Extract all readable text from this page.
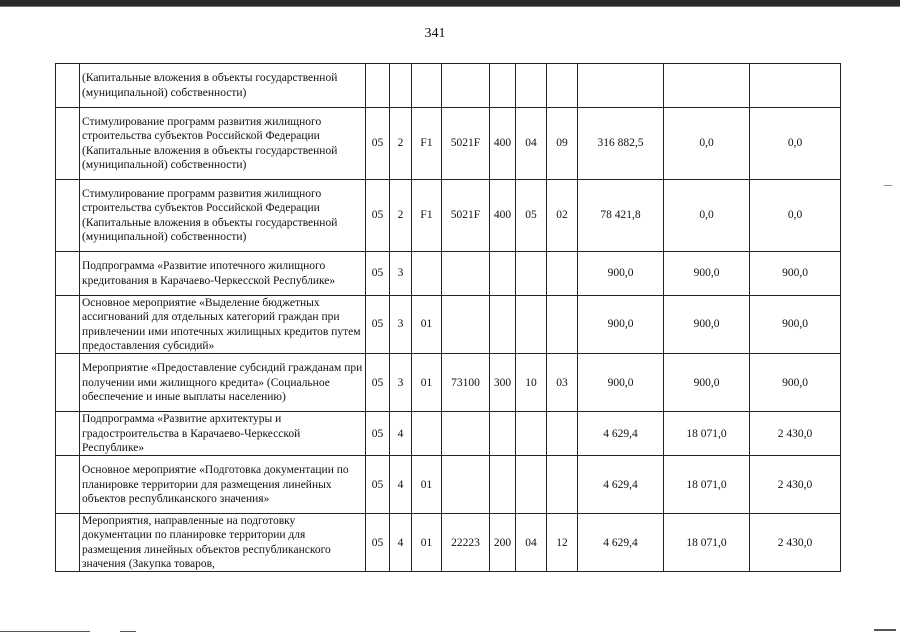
341
	(Капитальные вложения в объекты государственной (муниципальной) собственности)										
	Стимулирование программ развития жилищного строительства субъектов Российской Федерации (Капитальные вложения в объекты государственной (муниципальной) собственности)	05	2	F1	5021F	400	04	09	316 882,5	0,0	0,0
	Стимулирование программ развития жилищного строительства субъектов Российской Федерации (Капитальные вложения в объекты государственной (муниципальной) собственности)	05	2	F1	5021F	400	05	02	78 421,8	0,0	0,0
	Подпрограмма «Развитие ипотечного жилищного кредитования в Карачаево-Черкесской Республике»	05	3						900,0	900,0	900,0
	Основное мероприятие «Выделение бюджетных ассигнований для отдельных категорий граждан при привлечении ими ипотечных жилищных кредитов путем предоставления субсидий»	05	3	01					900,0	900,0	900,0
	Мероприятие «Предоставление субсидий гражданам при получении ими жилищного кредита» (Социальное обеспечение и иные выплаты населению)	05	3	01	73100	300	10	03	900,0	900,0	900,0
	Подпрограмма «Развитие архитектуры и градостроительства в Карачаево-Черкесской Республике»	05	4						4 629,4	18 071,0	2 430,0
	Основное мероприятие «Подготовка документации по планировке территории для размещения линейных объектов республиканского значения»	05	4	01					4 629,4	18 071,0	2 430,0
	Мероприятия, направленные на подготовку документации по планировке территории для размещения линейных объектов республиканского значения (Закупка товаров,	05	4	01	22223	200	04	12	4 629,4	18 071,0	2 430,0
